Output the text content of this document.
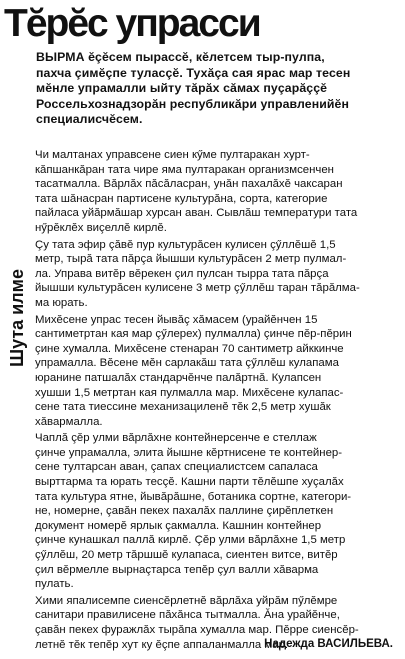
Тĕрĕс упрасси

ВЫРМА ĕçĕсем пырассĕ, кĕлетсем тыр-пулпа,

пахча çимĕçпе туласçĕ. Тухăçа сая ярас мар тесен

мĕнле упрамалли ыйту тăрăх сăмах пуçарăççĕ

Россельхознадзорăн республикăри управленийĕн

специалисчĕсем.

Шута илме

Чи малтанах управсене сиен кӳме пултаракан хурт-

кăпшанкăран тата чире яма пултаракан организмсенчен

тасатмалла. Вăрлăх пăсăласран, унăн пахалăхĕ чаксаран

тата шăнасран партисене культурăна, сорта, категорие

пайласа уйăрмăшар хурсан аван. Сывлăш температури тата

нӳрĕклĕх виçеллĕ кирлĕ.

Çу тата эфир çăвĕ пур культурăсен кулисен çӳллĕшĕ 1,5

метр, тырă тата пăрçа йышши культурăсен 2 метр пулмал-

ла. Управа витĕр вĕрекен çил пулсан тырра тата пăрçа

йышши культурăсен кулисене 3 метр çӳллĕш таран тăрăлма-

ма юрать.

Михĕсене упрас тесен йывăç хăмасем (урайĕнчен 15

сантиметртан кая мар çӳлерех) пулмалла) çинче пĕр-пĕрин

çине хумалла. Михĕсене стенаран 70 сантиметр айккинче

упрамалла. Вĕсене мĕн сарлакăш тата çӳллĕш кулапама

юранине патшалăх стандарчĕнче палăртнă. Кулапсен

хушши 1,5 метртан кая пулмалла мар. Михĕсене кулапас-

сене тата тиессине механизациленĕ тĕк 2,5 метр хушăк

хăвармалла.

Чаплă çĕр улми вăрлăхне контейнерсенче е стеллаж

çинче упрамалла, элита йышне кĕртнисене те контейнер-

сене тултарсан аван, çапах специалистсем сапаласа

вырттарма та юрать тесçĕ. Кашни парти тĕлĕшпе хуçалăх

тата культура ятне, йывăрăшне, ботаника сортне, категори-

не, номерне, çавăн пекех пахалăх паллине çирĕплеткен

документ номерĕ ярлык çакмалла. Кашнин контейнер

çинче кунашкал паллă кирлĕ. Çĕр улми вăрлăхне 1,5 метр

çӳллĕш, 20 метр тăршшĕ кулапаса, сиентен витсе, витĕр

çил вĕрмелле вырнаçтарса тепĕр çул валли хăварма

пулать.

Хими япалисемпе сиенсĕрлетнĕ вăрлăха уйрăм пӳлĕмре

санитари правилисене пăхăнса тытмалла. Ăна урайĕнче,

çавăн пекех фуражлăх тырăпа хумалла мар. Пĕрре сиенсĕр-

летнĕ тĕк тепĕр хут ку ĕçпе аппаланмалла мар.

Надежда ВАСИЛЬЕВА.
